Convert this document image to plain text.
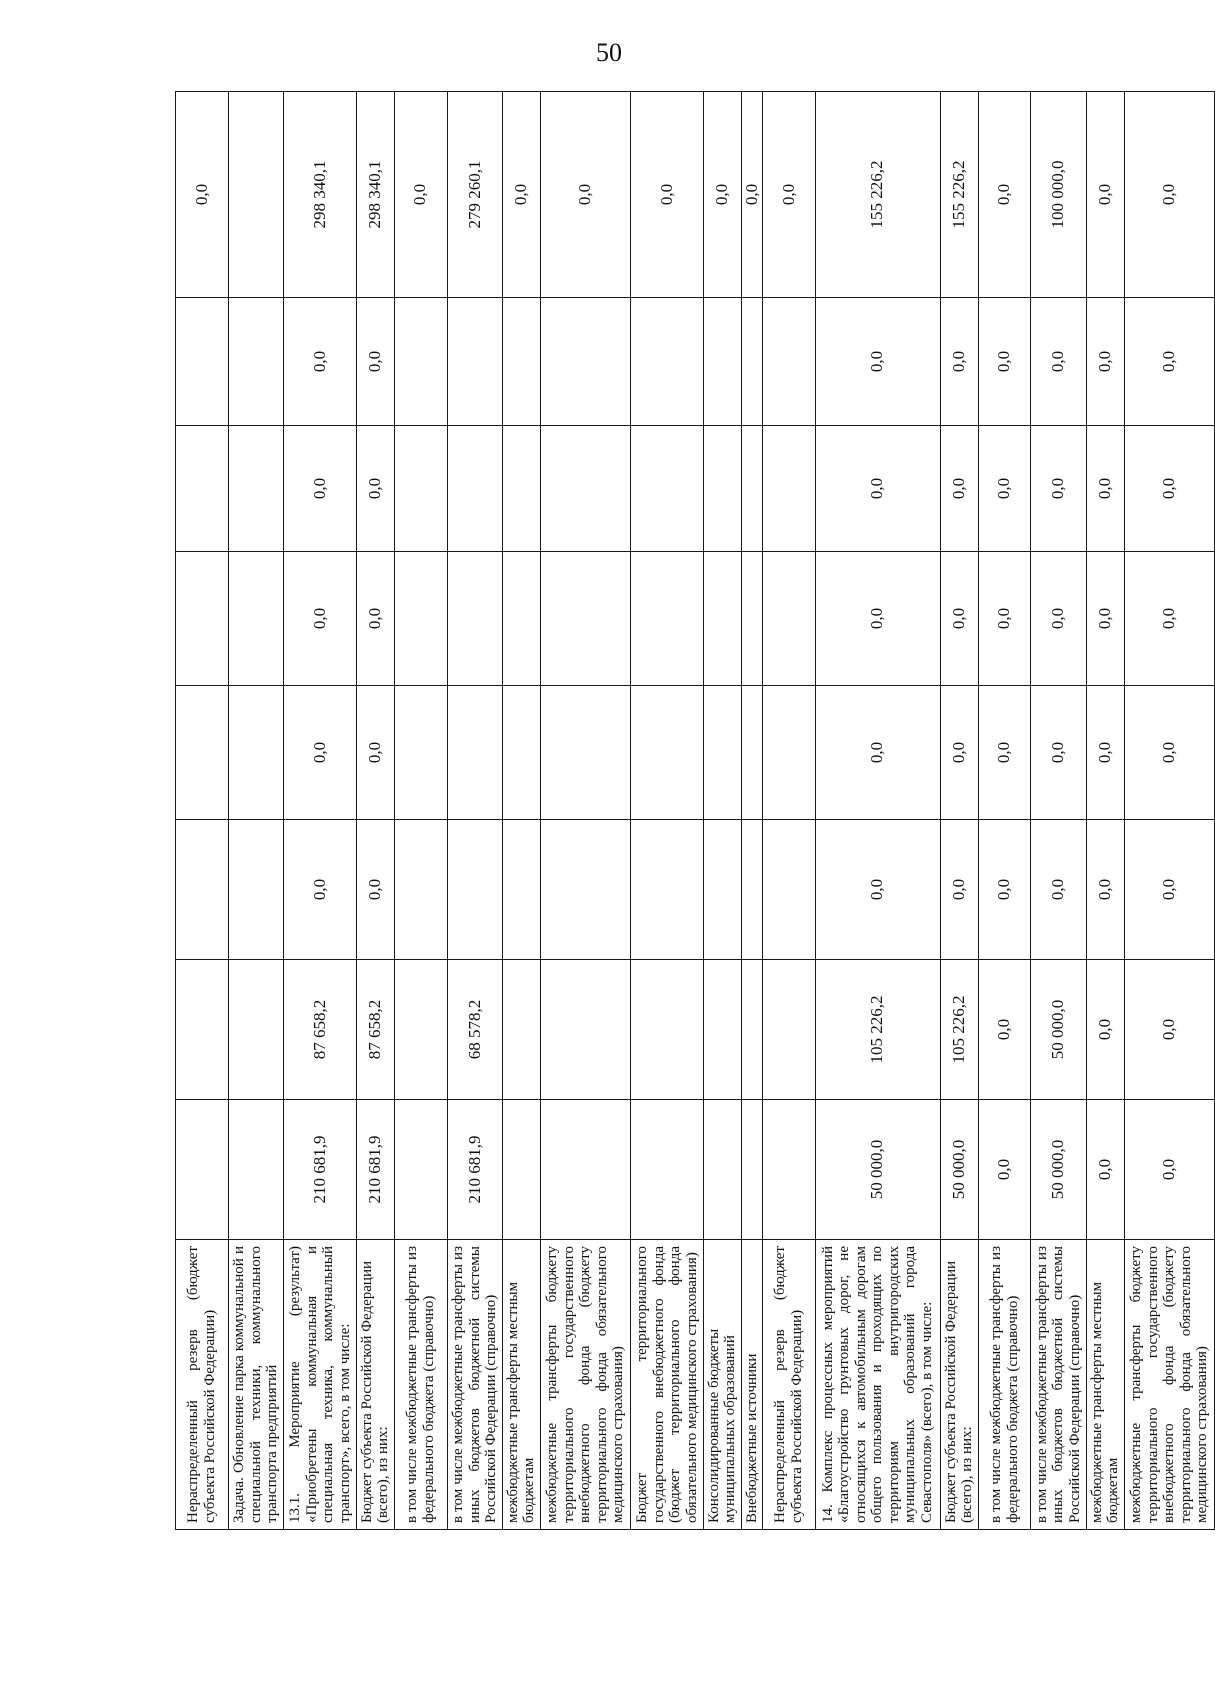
50
Нераспределенный резерв (бюджет субъекта Российской Федерации)								0,0
Задача. Обновление парка коммунальной и специальной техники, коммунального транспорта предприятий								
13.1. Мероприятие (результат) «Приобретены коммунальная и специальная техника, коммунальный транспорт», всего, в том числе:	210 681,9	87 658,2	0,0	0,0	0,0	0,0	0,0	298 340,1
Бюджет субъекта Российской Федерации (всего), из них:	210 681,9	87 658,2	0,0	0,0	0,0	0,0	0,0	298 340,1
в том числе межбюджетные трансферты из федерального бюджета (справочно)								0,0
в том числе межбюджетные трансферты из иных бюджетов бюджетной системы Российской Федерации (справочно)	210 681,9	68 578,2						279 260,1
межбюджетные трансферты местным бюджетам								0,0
межбюджетные трансферты бюджету территориального государственного внебюджетного фонда (бюджету территориального фонда обязательного медицинского страхования)								0,0
Бюджет территориального государственного внебюджетного фонда (бюджет территориального фонда обязательного медицинского страхования)								0,0
Консолидированные бюджеты муниципальных образований								0,0
Внебюджетные источники								0,0
Нераспределенный резерв (бюджет субъекта Российской Федерации)								0,0
14. Комплекс процессных мероприятий «Благоустройство грунтовых дорог, не относящихся к автомобильным дорогам общего пользования и проходящих по территориям внутригородских муниципальных образований города Севастополя» (всего), в том числе:	50 000,0	105 226,2	0,0	0,0	0,0	0,0	0,0	155 226,2
Бюджет субъекта Российской Федерации (всего), из них:	50 000,0	105 226,2	0,0	0,0	0,0	0,0	0,0	155 226,2
в том числе межбюджетные трансферты из федерального бюджета (справочно)	0,0	0,0	0,0	0,0	0,0	0,0	0,0	0,0
в том числе межбюджетные трансферты из иных бюджетов бюджетной системы Российской Федерации (справочно)	50 000,0	50 000,0	0,0	0,0	0,0	0,0	0,0	100 000,0
межбюджетные трансферты местным бюджетам	0,0	0,0	0,0	0,0	0,0	0,0	0,0	0,0
межбюджетные трансферты бюджету территориального государственного внебюджетного фонда (бюджету территориального фонда обязательного медицинского страхования)	0,0	0,0	0,0	0,0	0,0	0,0	0,0	0,0
